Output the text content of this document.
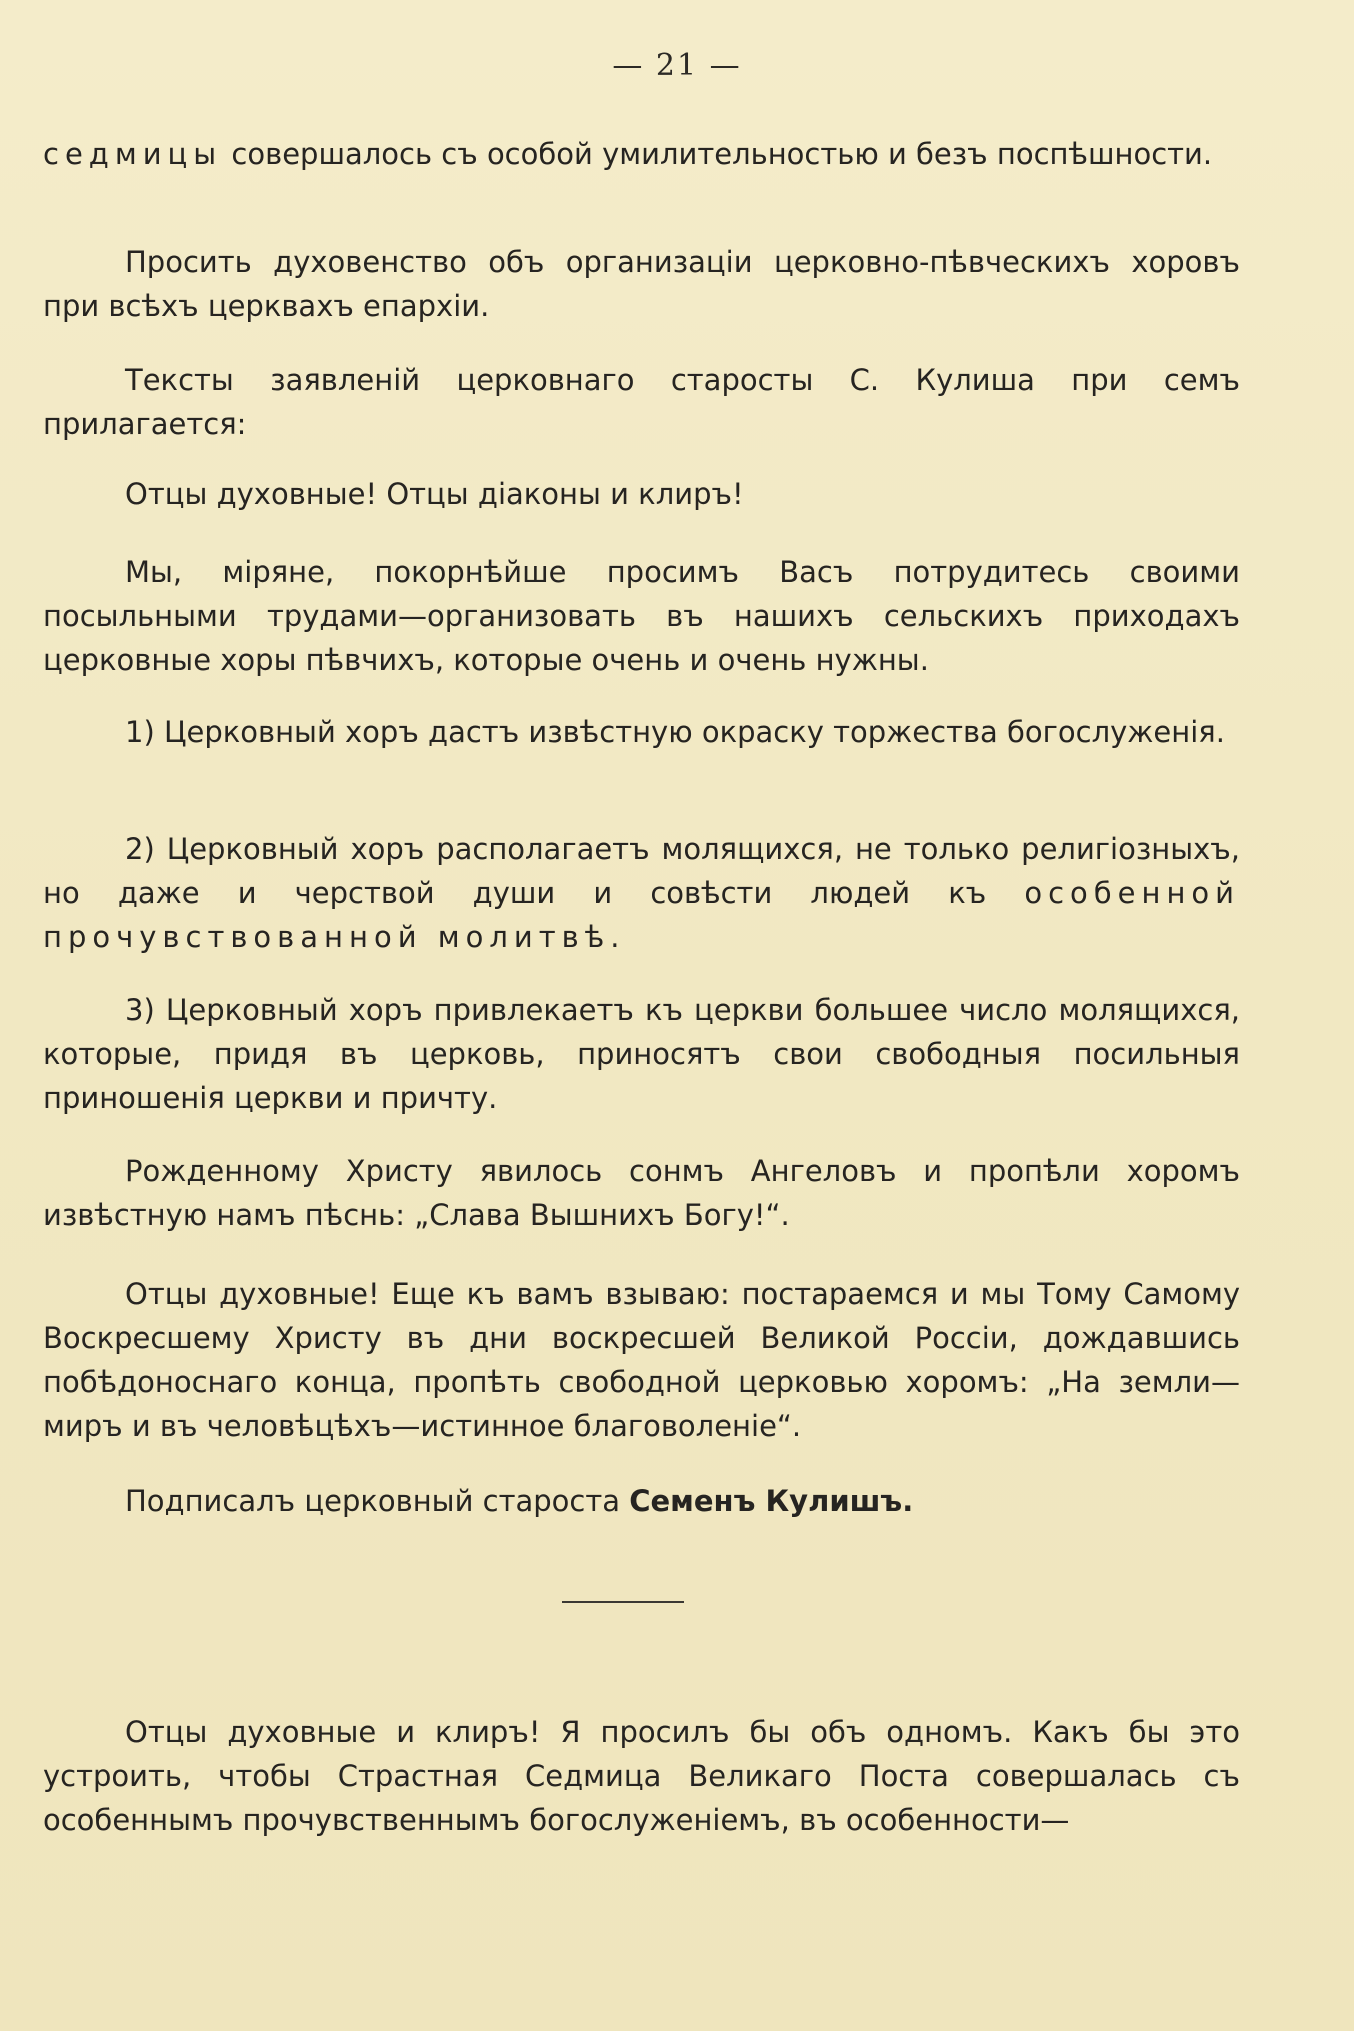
— 21 —

седмицы совершалось съ особой умилительностью и безъ поспѣшности.

Просить духовенство объ организаціи церковно-пѣвческихъ хоровъ при всѣхъ церквахъ епархіи.

Тексты заявленій церковнаго старосты С. Кулиша при семъ прилагается:

Отцы духовные! Отцы діаконы и клиръ!

Мы, міряне, покорнѣйше просимъ Васъ потрудитесь своими посыльными трудами—организовать въ нашихъ сельскихъ приходахъ церковные хоры пѣвчихъ, которые очень и очень нужны.

1) Церковный хоръ дастъ извѣстную окраску торжества богослуженія.

2) Церковный хоръ располагаетъ молящихся, не только религіозныхъ, но даже и черствой души и совѣсти людей къ особенной прочувствованной молитвѣ.

3) Церковный хоръ привлекаетъ къ церкви большее число молящихся, которые, придя въ церковь, приносятъ свои свободныя посильныя приношенія церкви и причту.

Рожденному Христу явилось сонмъ Ангеловъ и пропѣли хоромъ извѣстную намъ пѣснь: „Слава Вышнихъ Богу!“.

Отцы духовные! Еще къ вамъ взываю: постараемся и мы Тому Самому Воскресшему Христу въ дни воскресшей Великой Россіи, дождавшись побѣдоноснаго конца, пропѣть свободной церковью хоромъ: „На земли—миръ и въ человѣцѣхъ—истинное благоволеніе“.

Подписалъ церковный староста Семенъ Кулишъ.

Отцы духовные и клиръ! Я просилъ бы объ одномъ. Какъ бы это устроить, чтобы Страстная Седмица Великаго Поста совершалась съ особеннымъ прочувственнымъ богослуженіемъ, въ особенности—
